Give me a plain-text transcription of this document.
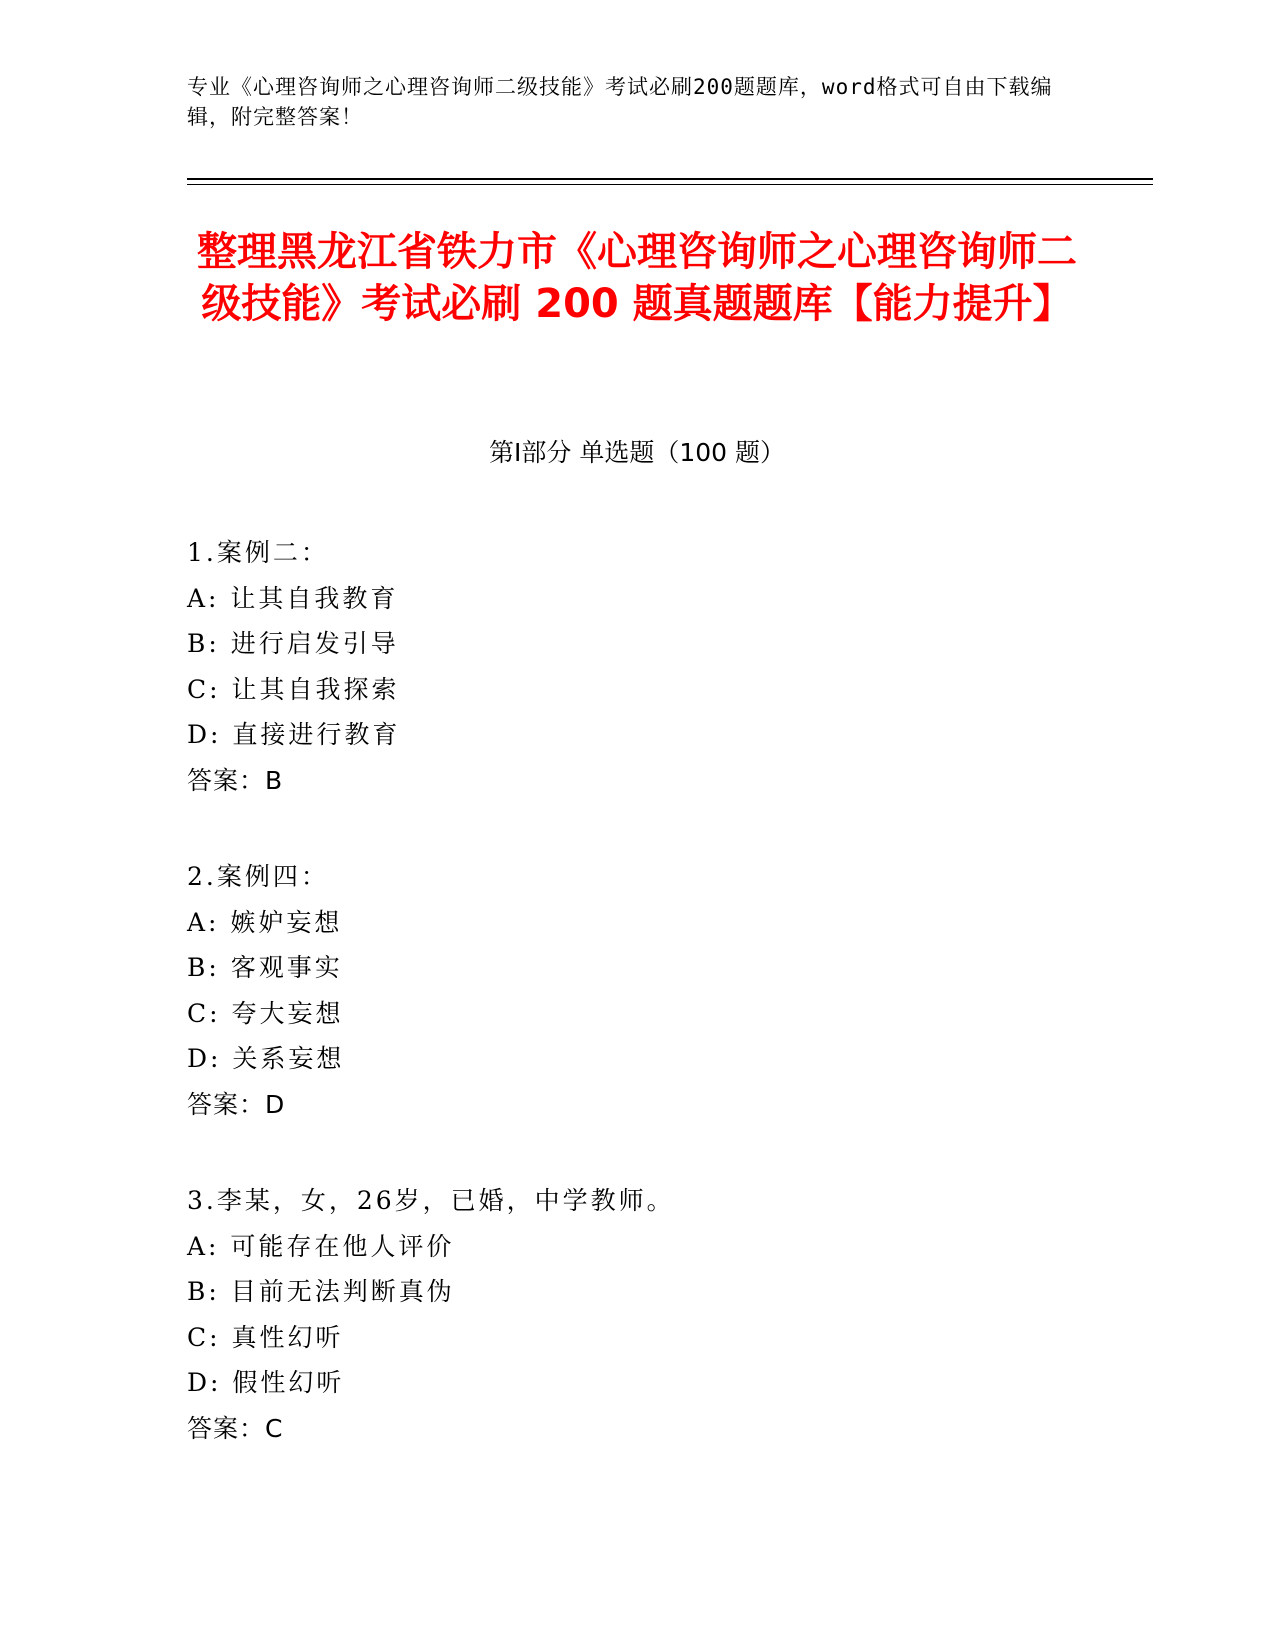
专业《心理咨询师之心理咨询师二级技能》考试必刷200题题库，word格式可自由下载编辑，附完整答案！
整理黑龙江省铁力市《心理咨询师之心理咨询师二级技能》考试必刷 200 题真题题库【能力提升】
第Ⅰ部分 单选题（100 题）
1.案例二：
A: 让其自我教育
B: 进行启发引导
C: 让其自我探索
D: 直接进行教育
答案：B
2.案例四：
A: 嫉妒妄想
B: 客观事实
C: 夸大妄想
D: 关系妄想
答案：D
3.李某，女，26岁，已婚，中学教师。
A: 可能存在他人评价
B: 目前无法判断真伪
C: 真性幻听
D: 假性幻听
答案：C
